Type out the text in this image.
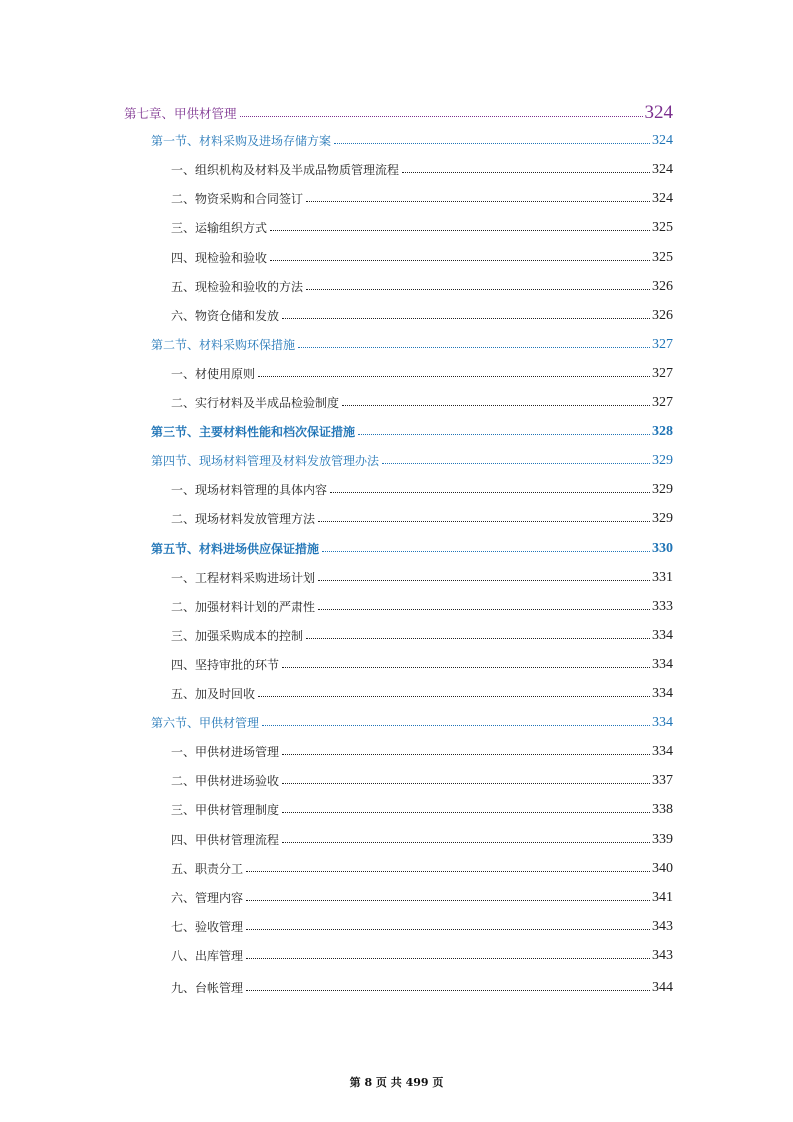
第七章、甲供材管理	324
第一节、材料采购及进场存储方案	324
一、组织机构及材料及半成品物质管理流程	324
二、物资采购和合同签订	324
三、运输组织方式	325
四、现检验和验收	325
五、现检验和验收的方法	326
六、物资仓储和发放	326
第二节、材料采购环保措施	327
一、材使用原则	327
二、实行材料及半成品检验制度	327
第三节、主要材料性能和档次保证措施	328
第四节、现场材料管理及材料发放管理办法	329
一、现场材料管理的具体内容	329
二、现场材料发放管理方法	329
第五节、材料进场供应保证措施	330
一、工程材料采购进场计划	331
二、加强材料计划的严肃性	333
三、加强采购成本的控制	334
四、坚持审批的环节	334
五、加及时回收	334
第六节、甲供材管理	334
一、甲供材进场管理	334
二、甲供材进场验收	337
三、甲供材管理制度	338
四、甲供材管理流程	339
五、职责分工	340
六、管理内容	341
七、验收管理	343
八、出库管理	343
九、台帐管理	344
第 8 页 共 499 页
